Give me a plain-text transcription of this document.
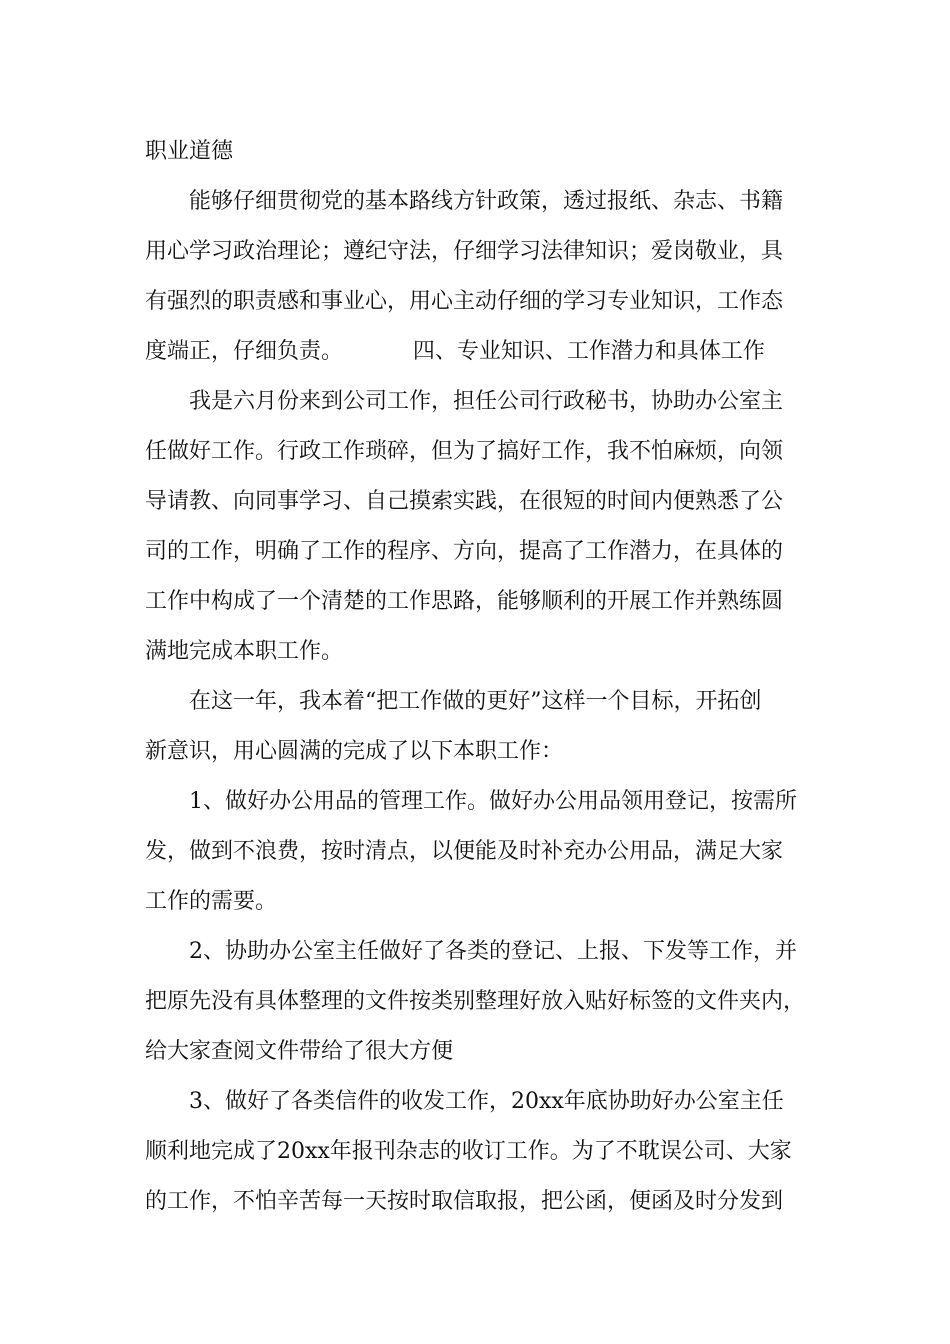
职业道德
能够仔细贯彻党的基本路线方针政策，透过报纸、杂志、书籍
用心学习政治理论；遵纪守法，仔细学习法律知识；爱岗敬业，具
有强烈的职责感和事业心，用心主动仔细的学习专业知识，工作态
度端正，仔细负责。          四、专业知识、工作潜力和具体工作
我是六月份来到公司工作，担任公司行政秘书，协助办公室主
任做好工作。行政工作琐碎，但为了搞好工作，我不怕麻烦，向领
导请教、向同事学习、自己摸索实践，在很短的时间内便熟悉了公
司的工作，明确了工作的程序、方向，提高了工作潜力，在具体的
工作中构成了一个清楚的工作思路，能够顺利的开展工作并熟练圆
满地完成本职工作。
在这一年，我本着“把工作做的更好”这样一个目标，开拓创
新意识，用心圆满的完成了以下本职工作：
1、做好办公用品的管理工作。做好办公用品领用登记，按需所
发，做到不浪费，按时清点，以便能及时补充办公用品，满足大家
工作的需要。
2、协助办公室主任做好了各类的登记、上报、下发等工作，并
把原先没有具体整理的文件按类别整理好放入贴好标签的文件夹内，
给大家查阅文件带给了很大方便
3、做好了各类信件的收发工作，20xx年底协助好办公室主任
顺利地完成了20xx年报刊杂志的收订工作。为了不耽误公司、大家
的工作，不怕辛苦每一天按时取信取报，把公函，便函及时分发到
